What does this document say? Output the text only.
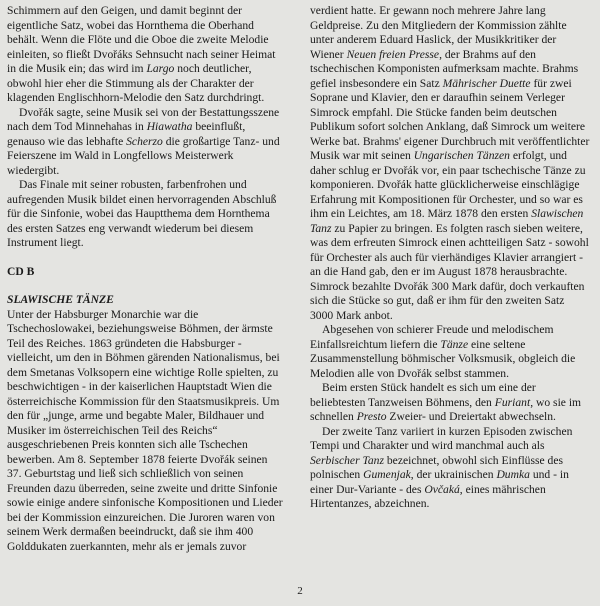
Schimmern auf den Geigen, und damit beginnt der eigentliche Satz, wobei das Hornthema die Oberhand behält. Wenn die Flöte und die Oboe die zweite Melodie einleiten, so fließt Dvořáks Sehnsucht nach seiner Heimat in die Musik ein; das wird im Largo noch deutlicher, obwohl hier eher die Stimmung als der Charakter der klagenden Englischhorn-Melodie den Satz durchdringt.

Dvořák sagte, seine Musik sei von der Bestattungsszene nach dem Tod Minnehahas in Hiawatha beeinflußt, genauso wie das lebhafte Scherzo die großartige Tanz- und Feierszene im Wald in Longfellows Meisterwerk wiedergibt.

Das Finale mit seiner robusten, farbenfrohen und aufregenden Musik bildet einen hervorragenden Abschluß für die Sinfonie, wobei das Hauptthema dem Hornthema des ersten Satzes eng verwandt wiederum bei diesem Instrument liegt.

CD B

SLAWISCHE TÄNZE

Unter der Habsburger Monarchie war die Tschechoslowakei, beziehungsweise Böhmen, der ärmste Teil des Reiches. 1863 gründeten die Habsburger - vielleicht, um den in Böhmen gärenden Nationalismus, bei dem Smetanas Volksopern eine wichtige Rolle spielten, zu beschwichtigen - in der kaiserlichen Hauptstadt Wien die österreichische Kommission für den Staatsmusikpreis. Um den für „junge, arme und begabte Maler, Bildhauer und Musiker im österreichischen Teil des Reichs“ ausgeschriebenen Preis konnten sich alle Tschechen bewerben. Am 8. September 1878 feierte Dvořák seinen 37. Geburtstag und ließ sich schließlich von seinen Freunden dazu überreden, seine zweite und dritte Sinfonie sowie einige andere sinfonische Kompositionen und Lieder bei der Kommission einzureichen. Die Juroren waren von seinem Werk dermaßen beeindruckt, daß sie ihm 400 Golddukaten zuerkannten, mehr als er jemals zuvor

verdient hatte. Er gewann noch mehrere Jahre lang Geldpreise. Zu den Mitgliedern der Kommission zählte unter anderem Eduard Haslick, der Musikkritiker der Wiener Neuen freien Presse, der Brahms auf den tschechischen Komponisten aufmerksam machte. Brahms gefiel insbesondere ein Satz Mährischer Duette für zwei Soprane und Klavier, den er daraufhin seinem Verleger Simrock empfahl. Die Stücke fanden beim deutschen Publikum sofort solchen Anklang, daß Simrock um weitere Werke bat. Brahms' eigener Durchbruch mit veröffentlichter Musik war mit seinen Ungarischen Tänzen erfolgt, und daher schlug er Dvořák vor, ein paar tschechische Tänze zu komponieren. Dvořák hatte glücklicherweise einschlägige Erfahrung mit Kompositionen für Orchester, und so war es ihm ein Leichtes, am 18. März 1878 den ersten Slawischen Tanz zu Papier zu bringen. Es folgten rasch sieben weitere, was dem erfreuten Simrock einen achtteiligen Satz - sowohl für Orchester als auch für vierhändiges Klavier arrangiert - an die Hand gab, den er im August 1878 herausbrachte. Simrock bezahlte Dvořák 300 Mark dafür, doch verkauften sich die Stücke so gut, daß er ihm für den zweiten Satz 3000 Mark anbot.

Abgesehen von schierer Freude und melodischem Einfallsreichtum liefern die Tänze eine seltene Zusammenstellung böhmischer Volksmusik, obgleich die Melodien alle von Dvořák selbst stammen.

Beim ersten Stück handelt es sich um eine der beliebtesten Tanzweisen Böhmens, den Furiant, wo sie im schnellen Presto Zweier- und Dreiertakt abwechseln.

Der zweite Tanz variiert in kurzen Episoden zwischen Tempi und Charakter und wird manchmal auch als Serbischer Tanz bezeichnet, obwohl sich Einflüsse des polnischen Gumenjak, der ukrainischen Dumka und - in einer Dur-Variante - des Ovčaká, eines mährischen Hirtentanzes, abzeichnen.

2
